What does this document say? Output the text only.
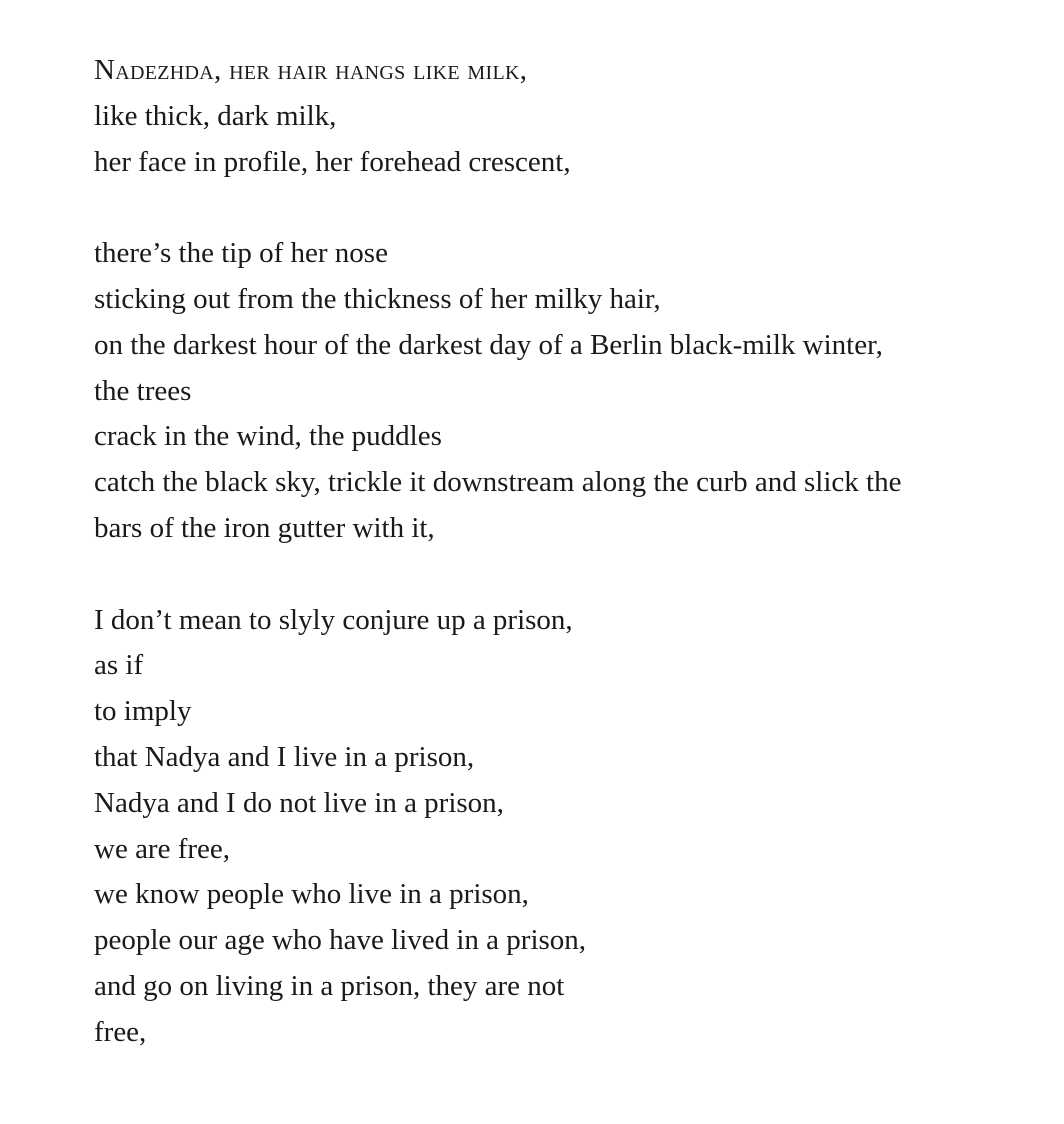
Nadezhda, her hair hangs like milk,
like thick, dark milk,
her face in profile, her forehead crescent,
there’s the tip of her nose
sticking out from the thickness of her milky hair,
on the darkest hour of the darkest day of a Berlin black-milk winter,
the trees
crack in the wind, the puddles
catch the black sky, trickle it downstream along the curb and slick the
bars of the iron gutter with it,
I don’t mean to slyly conjure up a prison,
as if
to imply
that Nadya and I live in a prison,
Nadya and I do not live in a prison,
we are free,
we know people who live in a prison,
people our age who have lived in a prison,
and go on living in a prison, they are not
free,
